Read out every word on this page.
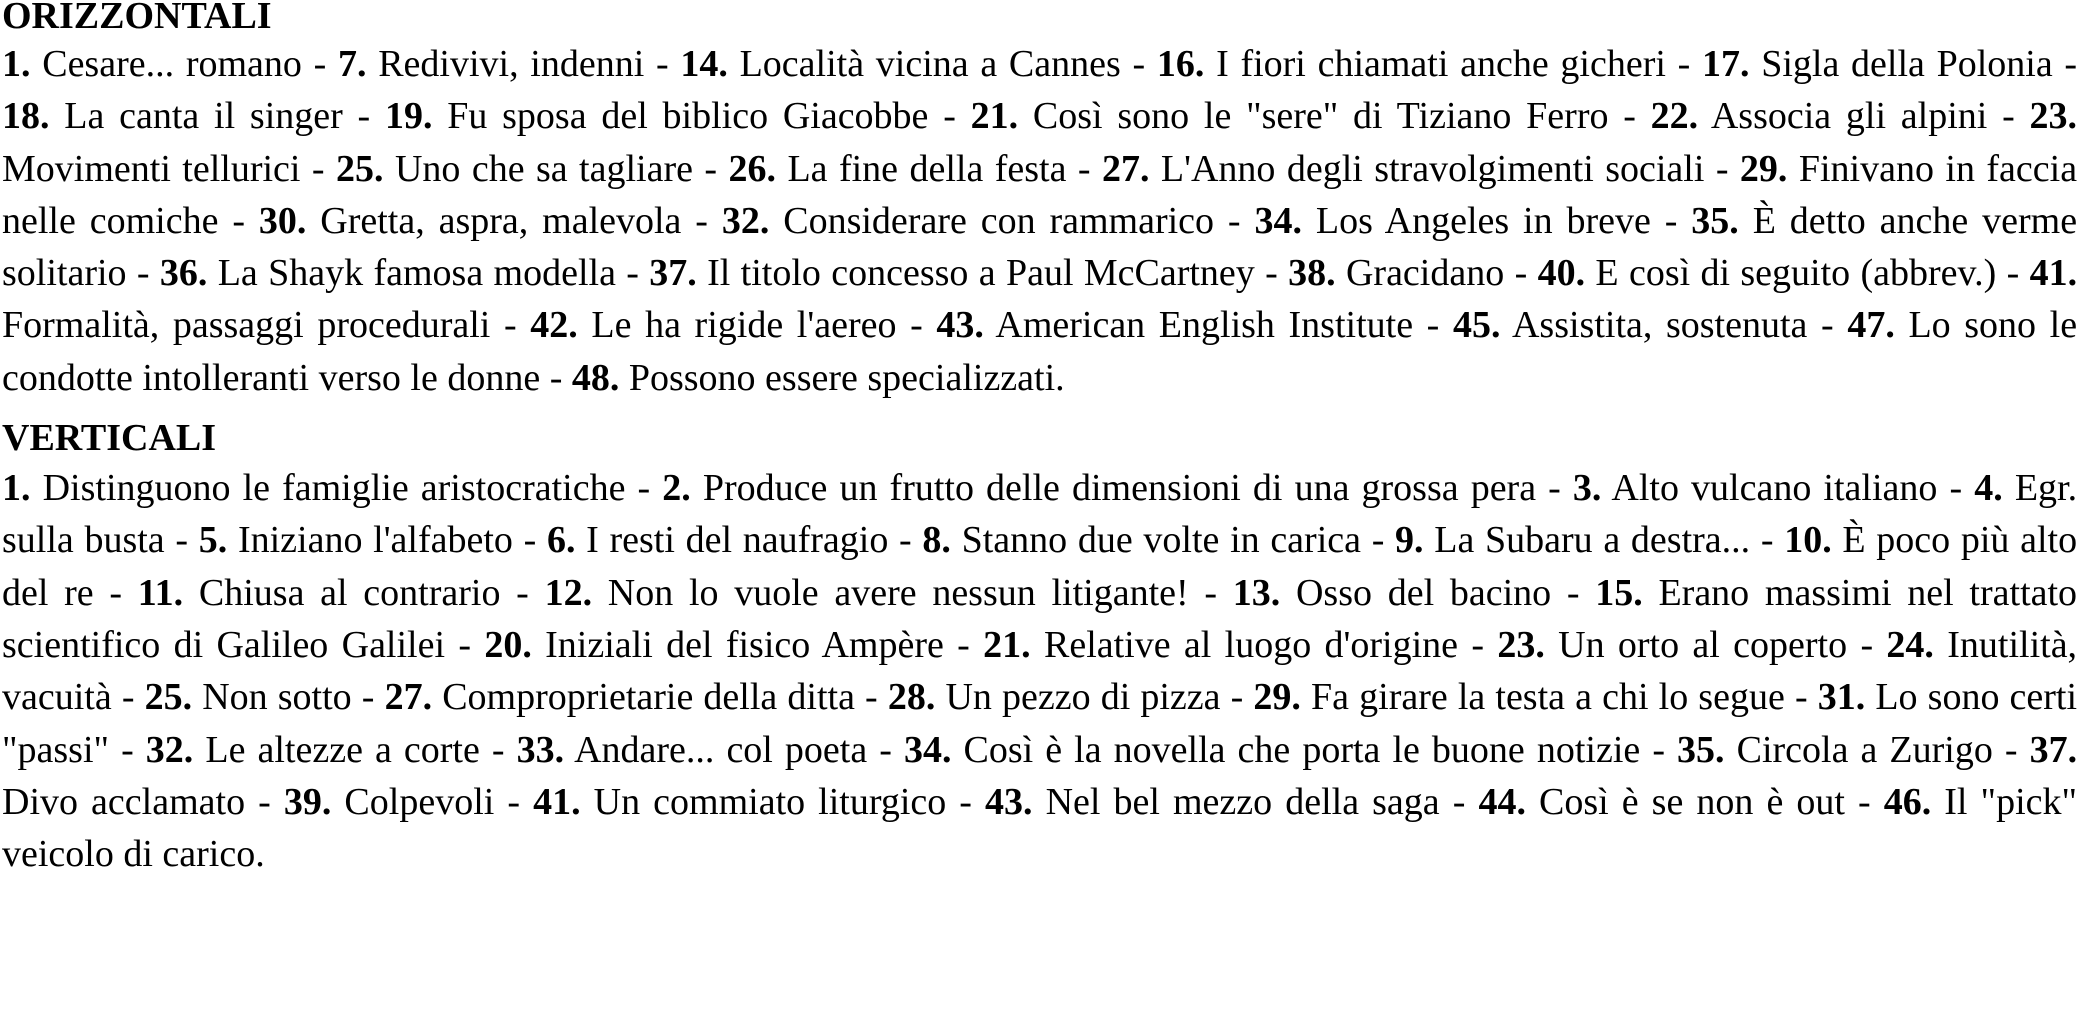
ORIZZONTALI

1. Cesare... romano - 7. Redivivi, indenni - 14. Località vicina a Cannes - 16. I fiori chiamati anche gicheri - 17. Sigla della Polonia - 18. La canta il singer - 19. Fu sposa del biblico Giacobbe - 21. Così sono le "sere" di Tiziano Ferro - 22. Associa gli alpini - 23. Movimenti tellurici - 25. Uno che sa tagliare - 26. La fine della festa - 27. L'Anno degli stravolgimenti sociali - 29. Finivano in faccia nelle comiche - 30. Gretta, aspra, malevola - 32. Considerare con rammarico - 34. Los Angeles in breve - 35. È detto anche verme solitario - 36. La Shayk famosa modella - 37. Il titolo concesso a Paul McCartney - 38. Gracidano - 40. E così di seguito (abbrev.) - 41. Formalità, passaggi procedurali - 42. Le ha rigide l'aereo - 43. American English Institute - 45. Assistita, sostenuta - 47. Lo sono le condotte intolleranti verso le donne - 48. Possono essere specializzati.

VERTICALI

1. Distinguono le famiglie aristocratiche - 2. Produce un frutto delle dimensioni di una grossa pera - 3. Alto vulcano italiano - 4. Egr. sulla busta - 5. Iniziano l'alfabeto - 6. I resti del naufragio - 8. Stanno due volte in carica - 9. La Subaru a destra... - 10. È poco più alto del re - 11. Chiusa al contrario - 12. Non lo vuole avere nessun litigante! - 13. Osso del bacino - 15. Erano massimi nel trattato scientifico di Galileo Galilei - 20. Iniziali del fisico Ampère - 21. Relative al luogo d'origine - 23. Un orto al coperto - 24. Inutilità, vacuità - 25. Non sotto - 27. Comproprietarie della ditta - 28. Un pezzo di pizza - 29. Fa girare la testa a chi lo segue - 31. Lo sono certi "passi" - 32. Le altezze a corte - 33. Andare... col poeta - 34. Così è la novella che porta le buone notizie - 35. Circola a Zurigo - 37. Divo acclamato - 39. Colpevoli - 41. Un commiato liturgico - 43. Nel bel mezzo della saga - 44. Così è se non è out - 46. Il "pick" veicolo di carico.
